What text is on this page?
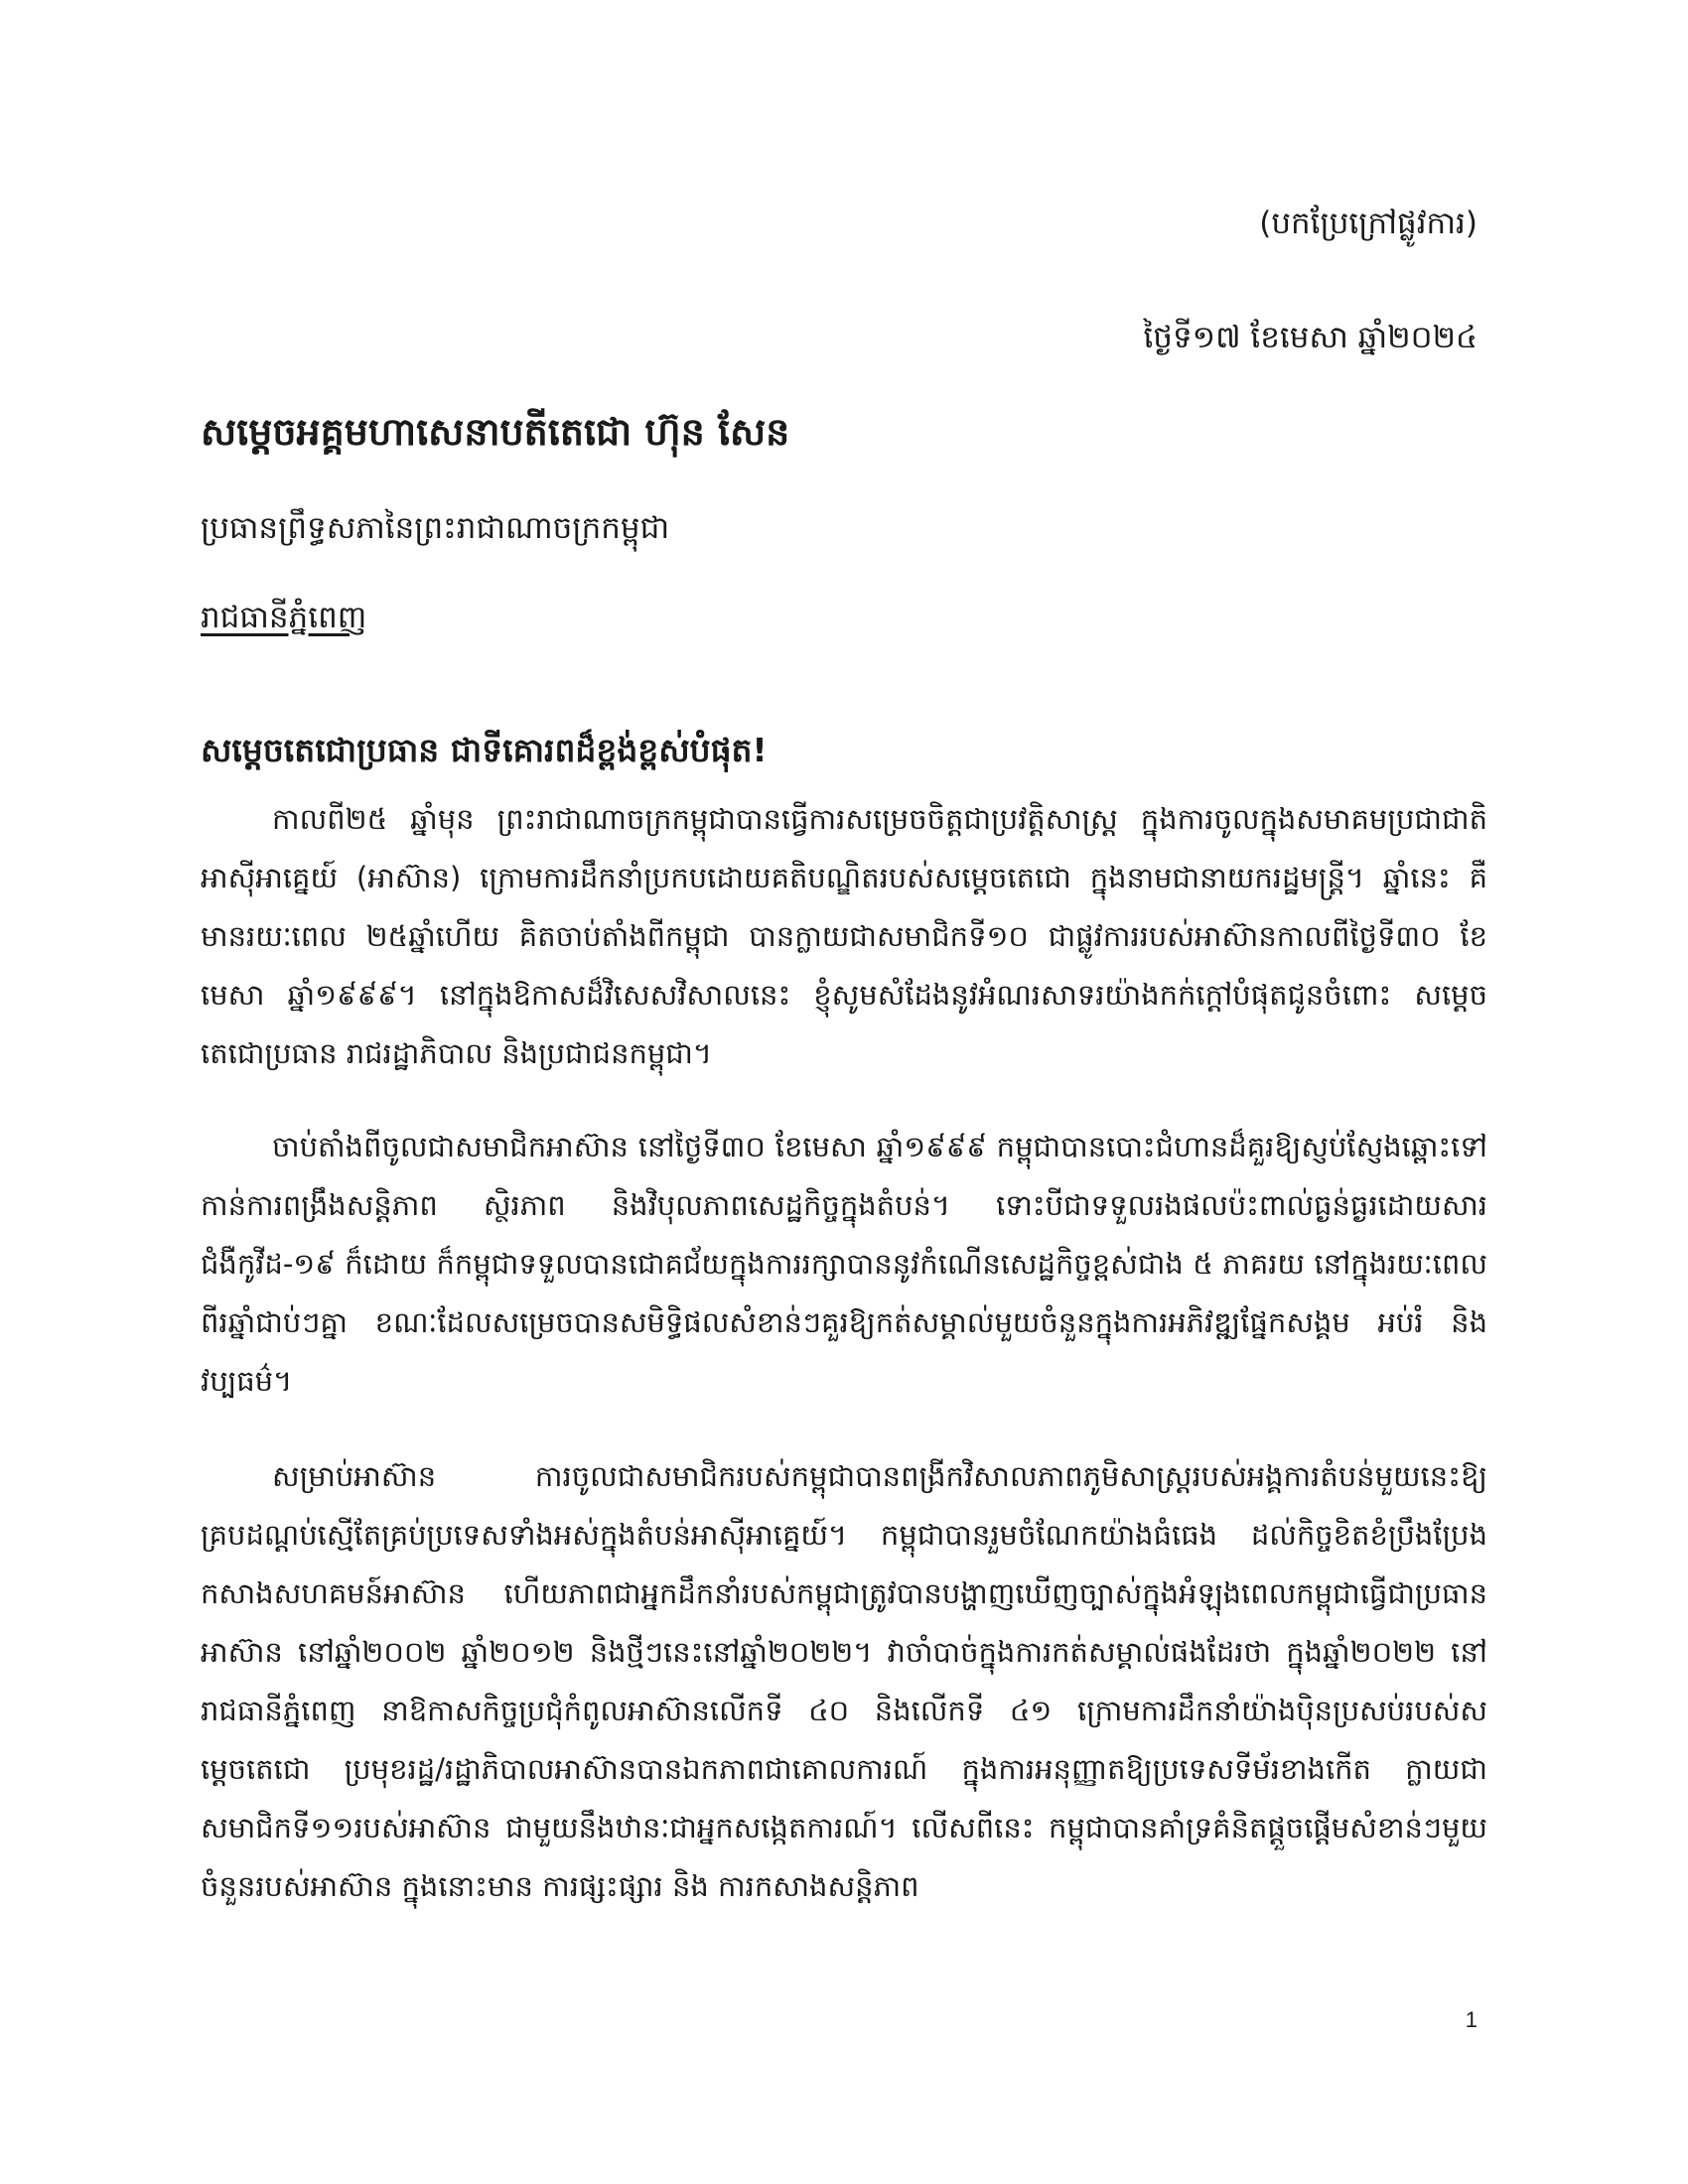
(បកប្រែក្រៅផ្លូវការ)
ថ្ងៃទី១៧ ខែមេសា ឆ្នាំ២០២៤
សម្តេចអគ្គមហាសេនាបតីតេជោ ហ៊ុន សែន
ប្រធានព្រឹទ្ធសភានៃព្រះរាជាណាចក្រកម្ពុជា
រាជធានីភ្នំពេញ
សម្តេចតេជោប្រធាន ជាទីគោរពដ៏ខ្ពង់ខ្ពស់បំផុត!

កាលពី២៥ ឆ្នាំមុន ព្រះរាជាណាចក្រកម្ពុជាបានធ្វើការសម្រេចចិត្តជាប្រវត្តិសាស្ត្រ ក្នុងការចូលក្នុងសមាគមប្រជាជាតិអាស៊ីអាគ្នេយ៍ (អាស៊ាន) ក្រោមការដឹកនាំប្រកបដោយគតិបណ្ឌិតរបស់សម្តេចតេជោ ក្នុងនាមជានាយករដ្ឋមន្ត្រី។ ឆ្នាំនេះ គឺមានរយៈពេល ២៥ឆ្នាំហើយ គិតចាប់តាំងពីកម្ពុជា បានក្លាយជាសមាជិកទី១០ ជាផ្លូវការរបស់អាស៊ានកាលពីថ្ងៃទី៣០ ខែមេសា ឆ្នាំ១៩៩៩។ នៅក្នុងឱកាសដ៏វិសេសវិសាលនេះ ខ្ញុំសូមសំដែងនូវអំណរសាទរយ៉ាងកក់ក្តៅបំផុតជូនចំពោះ សម្តេចតេជោប្រធាន រាជរដ្ឋាភិបាល និងប្រជាជនកម្ពុជា។

ចាប់តាំងពីចូលជាសមាជិកអាស៊ាន នៅថ្ងៃទី៣០ ខែមេសា ឆ្នាំ១៩៩៩ កម្ពុជាបានបោះជំហានដ៏គួរឱ្យស្ញប់ស្ញែងឆ្ពោះទៅកាន់ការពង្រឹងសន្តិភាព ស្ថិរភាព និងវិបុលភាពសេដ្ឋកិច្ចក្នុងតំបន់។ ទោះបីជាទទួលរងផលប៉ះពាល់ធ្ងន់ធ្ងរដោយសារជំងឺកូវីដ-១៩ ក៏ដោយ ក៏កម្ពុជាទទួលបានជោគជ័យក្នុងការរក្សាបាននូវកំណើនសេដ្ឋកិច្ចខ្ពស់ជាង ៥ ភាគរយ នៅក្នុងរយៈពេលពីរឆ្នាំជាប់ៗគ្នា ខណៈដែលសម្រេចបានសមិទ្ធិផលសំខាន់ៗគួរឱ្យកត់សម្គាល់មួយចំនួនក្នុងការអភិវឌ្ឍផ្នែកសង្គម អប់រំ និងវប្បធម៌។

សម្រាប់អាស៊ាន ការចូលជាសមាជិករបស់កម្ពុជាបានពង្រីកវិសាលភាពភូមិសាស្ត្ររបស់អង្គការតំបន់មួយនេះឱ្យគ្របដណ្តប់ស្មើតែគ្រប់ប្រទេសទាំងអស់ក្នុងតំបន់អាស៊ីអាគ្នេយ៍។ កម្ពុជាបានរួមចំណែកយ៉ាងធំធេង ដល់កិច្ចខិតខំប្រឹងប្រែងកសាងសហគមន៍អាស៊ាន ហើយភាពជាអ្នកដឹកនាំរបស់កម្ពុជាត្រូវបានបង្ហាញឃើញច្បាស់ក្នុងអំឡុងពេលកម្ពុជាធ្វើជាប្រធានអាស៊ាន នៅឆ្នាំ២០០២ ឆ្នាំ២០១២ និងថ្មីៗនេះនៅឆ្នាំ២០២២។ វាចាំបាច់ក្នុងការកត់សម្គាល់ផងដែរថា ក្នុងឆ្នាំ២០២២ នៅរាជធានីភ្នំពេញ នាឱកាសកិច្ចប្រជុំកំពូលអាស៊ានលើកទី ៤០ និងលើកទី ៤១ ក្រោមការដឹកនាំយ៉ាងប៉ិនប្រសប់របស់សម្តេចតេជោ ប្រមុខរដ្ឋ/រដ្ឋាភិបាលអាស៊ានបានឯកភាពជាគោលការណ៍ ក្នុងការអនុញ្ញាតឱ្យប្រទេសទីម័រខាងកើត ក្លាយជាសមាជិកទី១១របស់អាស៊ាន ជាមួយនឹងឋានៈជាអ្នកសង្កេតការណ៍។ លើសពីនេះ កម្ពុជាបានគាំទ្រគំនិតផ្តួចផ្តើមសំខាន់ៗមួយចំនួនរបស់អាស៊ាន ក្នុងនោះមាន ការផ្សះផ្សារ និង ការកសាងសន្តិភាព

1
